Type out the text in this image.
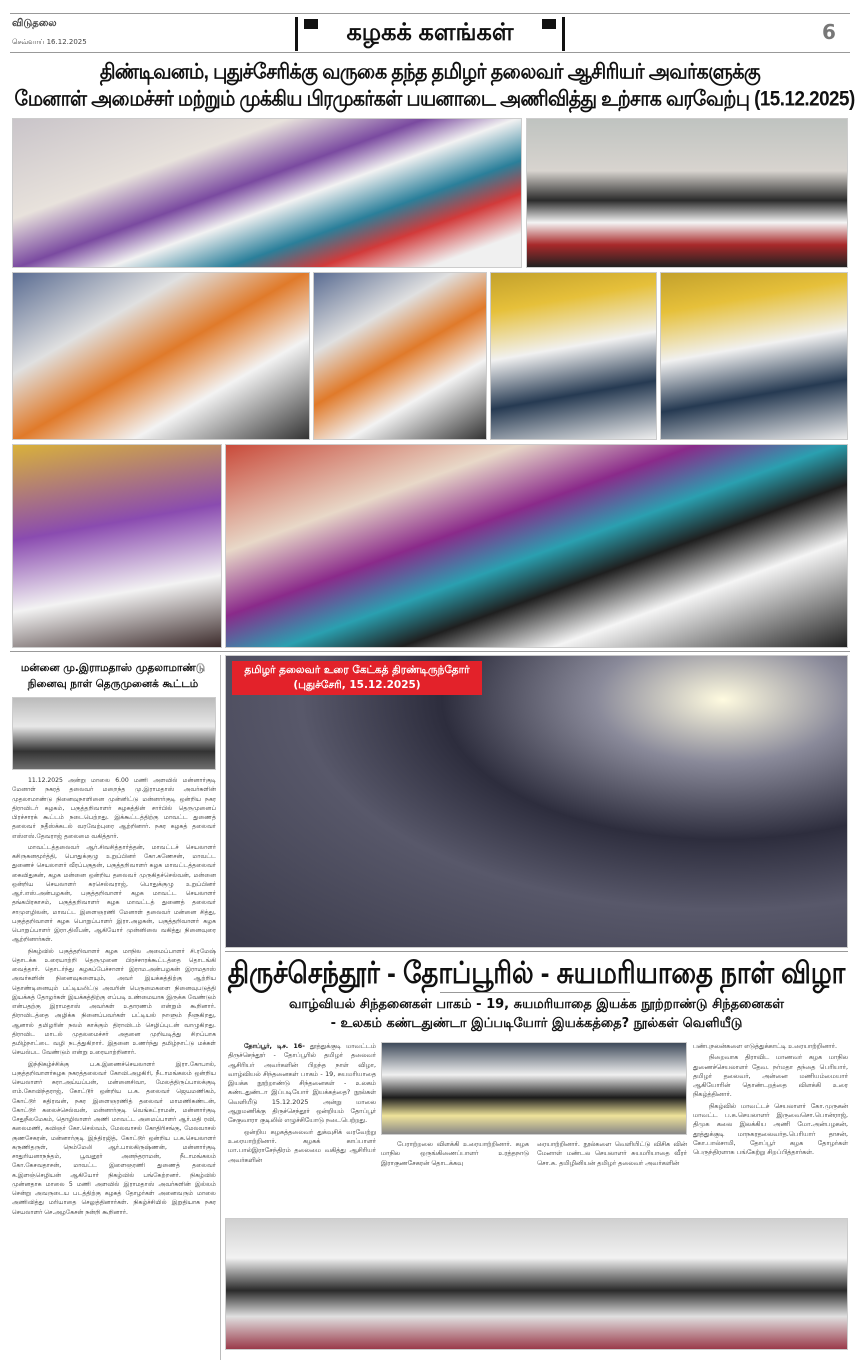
விடுதலை
செவ்வாய் 16.12.2025	கழகக் களங்கள்	6
திண்டிவனம், புதுச்சேரிக்கு வருகை தந்த தமிழர் தலைவர் ஆசிரியர் அவர்களுக்கு
மேனாள் அமைச்சர் மற்றும் முக்கிய பிரமுகர்கள் பயனாடை அணிவித்து உற்சாக வரவேற்பு (15.12.2025)
மன்னை மு.இராமதாஸ் முதலாமாண்டு
நினைவு நாள் தெருமுனைக் கூட்டம்

11.12.2025 அன்று மாலை 6.00 மணி அளவில் மன்னார்குடி மேனாள் நகரத் தலைவர் மறைந்த மு.இராமதாஸ் அவர்களின் முதலாமாண்டு நினைவுநாளினை முன்னிட்டு மன்னார்குடி ஒன்றிய நகர திராவிடர் கழகம், பகுத்தறிவாளர் கழகத்தின் சார்பில் தெருமுனைப் பிரச்சாரக் கூட்டம் நடைபெற்றது. இக்கூட்டத்திற்கு மாவட்ட துணைத் தலைவர் நதீஸ்க்கடல் வரவேற்புரை ஆற்றினார். நகர கழகத் தலைவர் எஸ்எஸ்.தேவராஜ் தலைமை வகித்தார்.

மாவட்டத்தலைவர் ஆர்.சிவசித்தார்த்தன், மாவட்டச் செயலாளர் கசிருகனமூர்த்தி, பொதுக்குழு உறுப்பினர் கோ.கணேசன், மாவட்ட துணைச் செயலாளர் வீரப்பகுதன், பகுத்தறிவாளர் கழக மாவட்டத்தலைவர் கைவிதுகன், கழக மன்னை ஒன்றிய தலைவர் முருகிதச்செல்வன், மன்னை ஒன்றிய செயலாளர் கரசெல்வராஜ், பொதுக்குழு உறுப்பினர் ஆர்.எஸ்.அன்பழகன், பகுத்தறிவாளர் கழக மாவட்ட செயலாளர் தங்கபிரகாசம், பகுத்தறிவாளர் கழக மாவட்டத் துணைத் தலைவர் சாமுஎழிலன், மாவட்ட இளைஞரணி மேனாள் தலைவர் மன்னை சித்து, பகுத்தறிவாளர் கழக பொறுப்பாளர் இரா.அழகன், பகுத்தறிவாளர் கழக பொறுப்பாளர் இரா.திலீபன், ஆகியோர் முன்னிலை வகித்து நினைவுரை ஆற்றினார்கள்.

நிகழ்வில் பகுத்தறிவாளர் கழக மாநில அமைப்பாளர் சி.ரமேஷ் தொடக்க உரையாற்றி தெருமுனை பிரச்சாரக்கூட்டத்தை தொடங்கி வைத்தார். தொடர்ந்து கழகப்பேச்சாளர் இராம.அன்பழகன் இராமதாஸ் அவர்களின் நினைவுகளையும், அவர் இயக்கத்திற்கு ஆற்றிய தொண்டினையும் பட்டியலிட்டு அவரின் பெருமைகளை நினைவுபடுத்தி இயக்கத் தோழர்கள் இயக்கத்திற்கு எப்படி உண்மையாக இருக்க வேண்டும் என்பதற்கு இராமதாஸ் அவர்கள் உதாரணம் என்றும் கூறினார். திராவிடத்தை அழிக்க நினைப்பவர்கள் பட்டியல் நாளும் நீளுகிறது, ஆனால் தமிழரின் நலம் காக்கும் திராவிடம் செழிப்புடன் வாழுகிறது. திராவிட மாடல் முதலமைச்சர் அதனை முறியடித்து சிறப்பாக தமிழ்நாட்டை வழி நடத்துகிறார். இதனை உணர்ந்து தமிழ்நாட்டு மக்கள் செயல்பட வேண்டும் என்று உரையாற்றினார்.

இந்நிகழ்ச்சிக்கு ப.க.இணைச்செயலாளர் இரா.கோபால், பகுத்தறிவாளர்கழக நகரத்தலைவர் கோவி.அழகிரி, நீடாமங்கலம் ஒன்றிய செயலாளர் சுரா.அய்யப்பன், மன்னைசிவா, மேலத்திருப்பாலக்குடி எம்.கோவிந்தராஜ், கோட்டூர் ஒன்றிய ப.க. தலைவர் ஜெயமணிகம், கோட்டூர் கதிரவன், நகர இளைஞரணித் தலைவர் மாமணிகண்டன், கோட்டூர் கலைச்செல்வன், மன்னார்குடி வெங்கட்ராமன், மன்னார்குடி சேதுநீலமேகம், தொழிலாளர் அணி மாவட்ட அமைப்பாளர் ஆர்.மதி ரவி, கலைமணி, கவிஞர் கோ.செல்வம், மேலவாசல் கோதிரிசங்கு, மேலவாசல் குணசேகரன், மன்னார்குடி இந்திரஜித், கோட்டூர் ஒன்றிய ப.க.செயலாளர் கருணிதருள், நெம்மேலி ஆர்.பாலகிருஷ்ணன், மன்னார்குடி சாதுரியனாநந்தம், பூவனூர் அனந்தராமன், நீடாமங்கலம் கோ.கேசவதாசன், மாவட்ட இளைஞரணி துணைத் தலைவர் க.இளஞ்செழியன் ஆகியோர் நிகழ்வில் பங்கேற்றனர். நிகழ்வில் முன்னதாக மாலை 5 மணி அளவில் இராமதாஸ் அவர்களின் இல்லம் சென்று அவருடைய படத்திற்கு கழகத் தோழர்கள் அனைவரும் மாலை அணிவித்து மரியாதை செலுத்தினார்கள். நிகழ்ச்சியில் இறுதியாக நகர செயலாளர் செ.அழகேசன் நன்றி கூறினார்.

தமிழர் தலைவர் உரை கேட்கத் திரண்டிருந்தோர்
(புதுச்சேரி, 15.12.2025)
திருச்செந்தூர் - தோப்பூரில் - சுயமரியாதை நாள் விழா
வாழ்வியல் சிந்தனைகள் பாகம் - 19, சுயமரியாதை இயக்க நூற்றாண்டு சிந்தனைகள்
- உலகம் கண்டதுண்டா இப்படியோர் இயக்கத்தை? நூல்கள் வெளியீடு

தோப்பூர், டிச. 16- தூத்துக்குடி மாவட்டம் திருச்செந்தூர் - தோப்பூரில் தமிழர் தலைவர் ஆசிரியர் அவர்களின் பிறந்த நாள் விழா, வாழ்வியல் சிந்தனைகள் பாகம் - 19, சுயமரியாதை இயக்க நூற்றாண்டு சிந்தனைகள் - உலகம் கண்டதுண்டா இப்படியோர் இயக்கத்தை? நூல்கள் வெளியீடு 15.12.2025 அன்று மாலை ஆறுமணிக்கு திருச்செந்தூர் ஒன்றியம் தோப்பூர் சேகுவாரா குடிலில் எழுச்சியோடு நடைபெற்றது.

ஒன்றிய கழகத்தலைவர் துக்வுசிக் வரவேற்று உரையாற்றினார். கழகக் காப்பாளர் மா.பால்இராசேந்திரம் தலைமை வகித்து ஆசிரியர் அவர்களின்

பேராற்றலை விளக்கி உரையாற்றினார். கழக மாநில ஒருங்கிணைப்பாளர் உரத்தநாடு இராகுணசேகரன் தொடக்கவு

ரையாற்றினார். நூல்களை வெளியிட்டு விசிக வின் மேனாள் மண்டல செயலாளர் சுயமரியாதை வீரர் சொ.சு. தமிழினியன் தமிழர் தலைவர் அவர்களின்

பண்புநலன்களை எடுத்துக்காட்டி உரையாற்றினார்.

நிறைவாக திராவிட மாணவர் கழக மாநில துணைச்செயலாளர் தேவ. நர்மதா தந்தை பெரியார், தமிழர் தலைவர், அன்னை மணியம்மையார் ஆகியோரின் தொண்டறத்தை விளக்கி உரை நிகழ்த்தினார்.

நிகழ்வில் மாவட்டச் செயலாளர் கோ.முருகன் மாவட்ட ப.க.செயலாளர் இருவைசொ.பொன்ராஜ், திமுக கலை இலக்கிய அணி மோ.அன்பழகன், தூத்துக்குடி மாநகரதலைவர்த.பெரியார் தாசன், கோ.பால்சாமி, தோப்பூர் கழக தோழர்கள் பெருந்திரளாக பங்கேற்று சிறப்பித்தார்கள்.
